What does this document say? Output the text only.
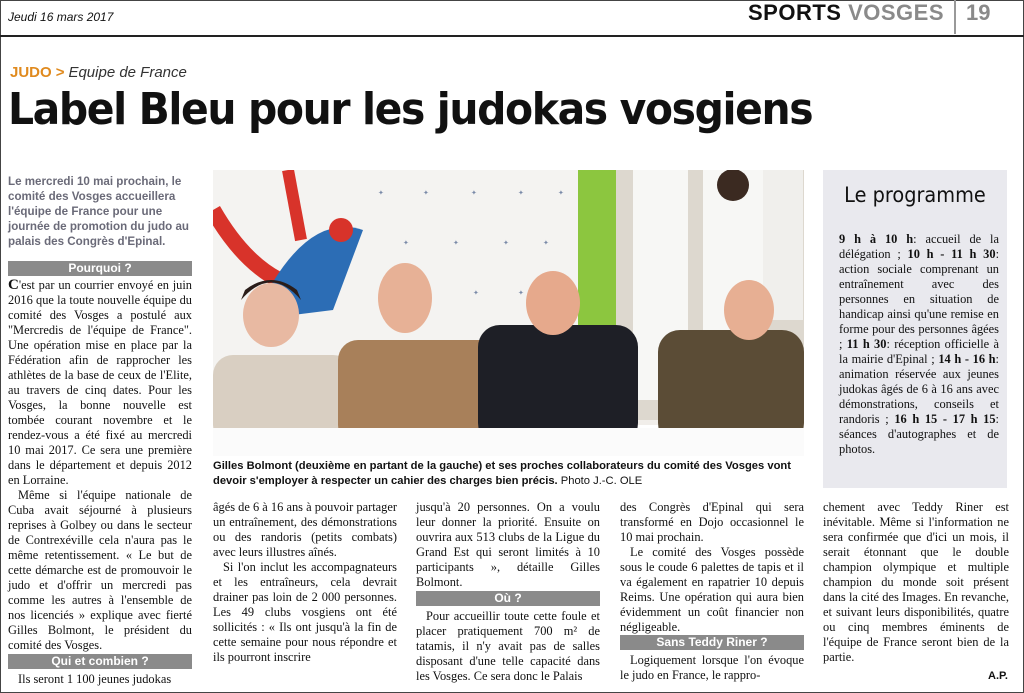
Jeudi 16 mars 2017	SPORTS VOSGES 19
JUDO > Equipe de France
Label Bleu pour les judokas vosgiens
Le mercredi 10 mai prochain, le comité des Vosges accueillera l'équipe de France pour une journée de promotion du judo au palais des Congrès d'Epinal.
Pourquoi ?

C'est par un courrier envoyé en juin 2016 que la toute nouvelle équipe du comité des Vosges a postulé aux "Mercredis de l'équipe de France". Une opération mise en place par la Fédération afin de rapprocher les athlètes de la base de ceux de l'Elite, au travers de cinq dates. Pour les Vosges, la bonne nouvelle est tombée courant novembre et le rendez-vous a été fixé au mercredi 10 mai 2017. Ce sera une première dans le département et depuis 2012 en Lorraine.

Même si l'équipe nationale de Cuba avait séjourné à plusieurs reprises à Golbey ou dans le secteur de Contrexéville cela n'aura pas le même retentissement. « Le but de cette démarche est de promouvoir le judo et d'offrir un mercredi pas comme les autres à l'ensemble de nos licenciés » explique avec fierté Gilles Bolmont, le président du comité des Vosges.

Qui et combien ?

Ils seront 1 100 jeunes judokas

✦	✦	✦	✦	✦
✦	✦	✦	✦
✦	✦
Gilles Bolmont (deuxième en partant de la gauche) et ses proches collaborateurs du comité des Vosges vont devoir s'employer à respecter un cahier des charges bien précis. Photo J.-C. OLE
Le programme
9 h à 10 h: accueil de la délégation ; 10 h - 11 h 30: action sociale comprenant un entraînement avec des personnes en situation de handicap ainsi qu'une remise en forme pour des personnes âgées ; 11 h 30: réception officielle à la mairie d'Epinal ; 14 h - 16 h: animation réservée aux jeunes judokas âgés de 6 à 16 ans avec démonstrations, conseils et randoris ; 16 h 15 - 17 h 15: séances d'autographes et de photos.

âgés de 6 à 16 ans à pouvoir partager un entraînement, des démonstrations ou des randoris (petits combats) avec leurs illustres aînés.

Si l'on inclut les accompagnateurs et les entraîneurs, cela devrait drainer pas loin de 2 000 personnes. Les 49 clubs vosgiens ont été sollicités : « Ils ont jusqu'à la fin de cette semaine pour nous répondre et ils pourront inscrire

jusqu'à 20 personnes. On a voulu leur donner la priorité. Ensuite on ouvrira aux 513 clubs de la Ligue du Grand Est qui seront limités à 10 participants », détaille Gilles Bolmont.

Où ?

Pour accueillir toute cette foule et placer pratiquement 700 m² de tatamis, il n'y avait pas de salles disposant d'une telle capacité dans les Vosges. Ce sera donc le Palais

des Congrès d'Epinal qui sera transformé en Dojo occasionnel le 10 mai prochain.

Le comité des Vosges possède sous le coude 6 palettes de tapis et il va également en rapatrier 10 depuis Reims. Une opération qui aura bien évidemment un coût financier non négligeable.

Sans Teddy Riner ?

Logiquement lorsque l'on évoque le judo en France, le rappro-

chement avec Teddy Riner est inévitable. Même si l'information ne sera confirmée que d'ici un mois, il serait étonnant que le double champion olympique et multiple champion du monde soit présent dans la cité des Images. En revanche, et suivant leurs disponibilités, quatre ou cinq membres éminents de l'équipe de France seront bien de la partie.

A.P.
